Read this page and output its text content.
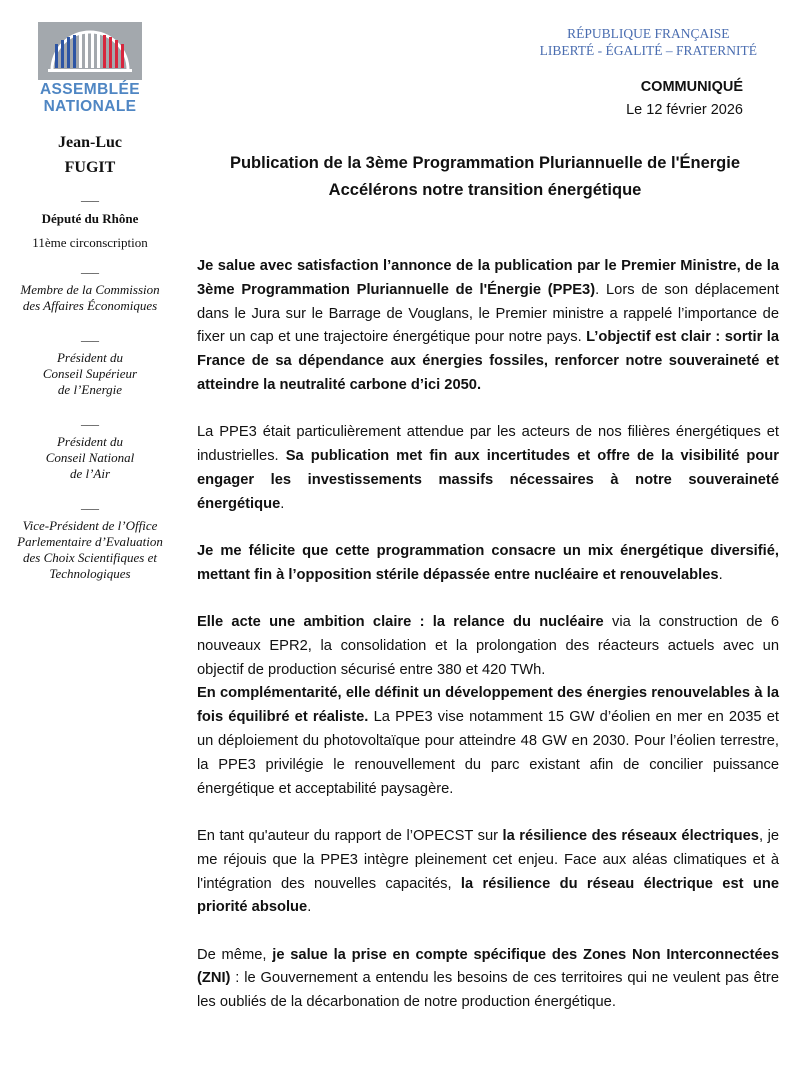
ASSEMBLÉE
NATIONALE
RÉPUBLIQUE FRANÇAISE
LIBERTÉ - ÉGALITÉ – FRATERNITÉ
COMMUNIQUÉ
Le 12 février 2026
Jean-Luc
FUGIT
___
Député du Rhône
11ème circonscription
___
Membre de la Commission des Affaires Économiques
___
Président du Conseil Supérieur de l’Energie
___
Président du Conseil National de l’Air
___
Vice-Président de l’Office Parlementaire d’Evaluation des Choix Scientifiques et Technologiques
Publication de la 3ème Programmation Pluriannuelle de l'Énergie
Accélérons notre transition énergétique

Je salue avec satisfaction l’annonce de la publication par le Premier Ministre, de la 3ème Programmation Pluriannuelle de l'Énergie (PPE3). Lors de son déplacement dans le Jura sur le Barrage de Vouglans, le Premier ministre a rappelé l’importance de fixer un cap et une trajectoire énergétique pour notre pays. L’objectif est clair : sortir la France de sa dépendance aux énergies fossiles, renforcer notre souveraineté et atteindre la neutralité carbone d’ici 2050.

La PPE3 était particulièrement attendue par les acteurs de nos filières énergétiques et industrielles. Sa publication met fin aux incertitudes et offre de la visibilité pour engager les investissements massifs nécessaires à notre souveraineté énergétique.

Je me félicite que cette programmation consacre un mix énergétique diversifié, mettant fin à l’opposition stérile dépassée entre nucléaire et renouvelables.

Elle acte une ambition claire : la relance du nucléaire via la construction de 6 nouveaux EPR2, la consolidation et la prolongation des réacteurs actuels avec un objectif de production sécurisé entre 380 et 420 TWh.

En complémentarité, elle définit un développement des énergies renouvelables à la fois équilibré et réaliste. La PPE3 vise notamment 15 GW d’éolien en mer en 2035 et un déploiement du photovoltaïque pour atteindre 48 GW en 2030. Pour l’éolien terrestre, la PPE3 privilégie le renouvellement du parc existant afin de concilier puissance énergétique et acceptabilité paysagère.

En tant qu'auteur du rapport de l’OPECST sur la résilience des réseaux électriques, je me réjouis que la PPE3 intègre pleinement cet enjeu. Face aux aléas climatiques et à l'intégration des nouvelles capacités, la résilience du réseau électrique est une priorité absolue.

De même, je salue la prise en compte spécifique des Zones Non Interconnectées (ZNI) : le Gouvernement a entendu les besoins de ces territoires qui ne veulent pas être les oubliés de la décarbonation de notre production énergétique.
